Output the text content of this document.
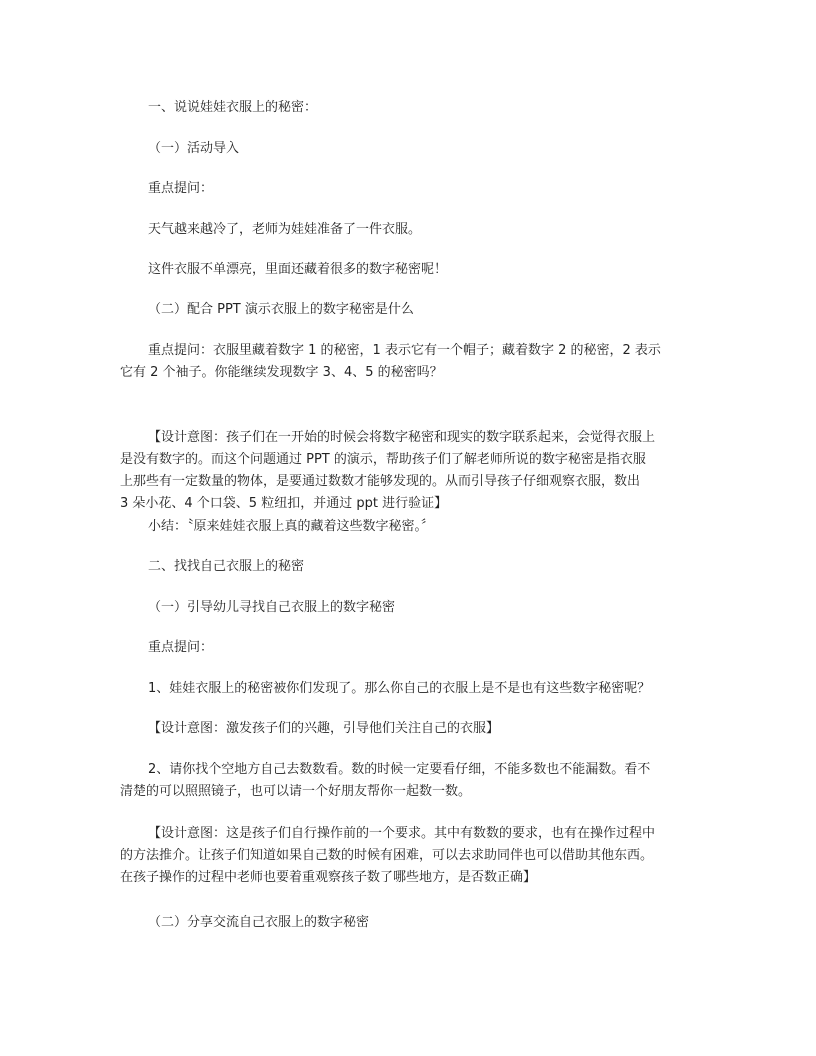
一、说说娃娃衣服上的秘密：

（一）活动导入

重点提问：

天气越来越冷了，老师为娃娃准备了一件衣服。

这件衣服不单漂亮，里面还藏着很多的数字秘密呢！

（二）配合 PPT 演示衣服上的数字秘密是什么

重点提问：衣服里藏着数字 1 的秘密，1 表示它有一个帽子；藏着数字 2 的秘密，2 表示
它有 2 个袖子。你能继续发现数字 3、4、5 的秘密吗？
【设计意图：孩子们在一开始的时候会将数字秘密和现实的数字联系起来，会觉得衣服上
是没有数字的。而这个问题通过 PPT 的演示，帮助孩子们了解老师所说的数字秘密是指衣服
上那些有一定数量的物体，是要通过数数才能够发现的。从而引导孩子仔细观察衣服，数出
3 朵小花、4 个口袋、5 粒纽扣，并通过 ppt 进行验证】

小结：〝原来娃娃衣服上真的藏着这些数字秘密。〞

二、找找自己衣服上的秘密

（一）引导幼儿寻找自己衣服上的数字秘密

重点提问：

1、娃娃衣服上的秘密被你们发现了。那么你自己的衣服上是不是也有这些数字秘密呢？

【设计意图：激发孩子们的兴趣，引导他们关注自己的衣服】

2、请你找个空地方自己去数数看。数的时候一定要看仔细，不能多数也不能漏数。看不
清楚的可以照照镜子，也可以请一个好朋友帮你一起数一数。
【设计意图：这是孩子们自行操作前的一个要求。其中有数数的要求，也有在操作过程中
的方法推介。让孩子们知道如果自己数的时候有困难，可以去求助同伴也可以借助其他东西。
在孩子操作的过程中老师也要着重观察孩子数了哪些地方，是否数正确】

（二）分享交流自己衣服上的数字秘密
